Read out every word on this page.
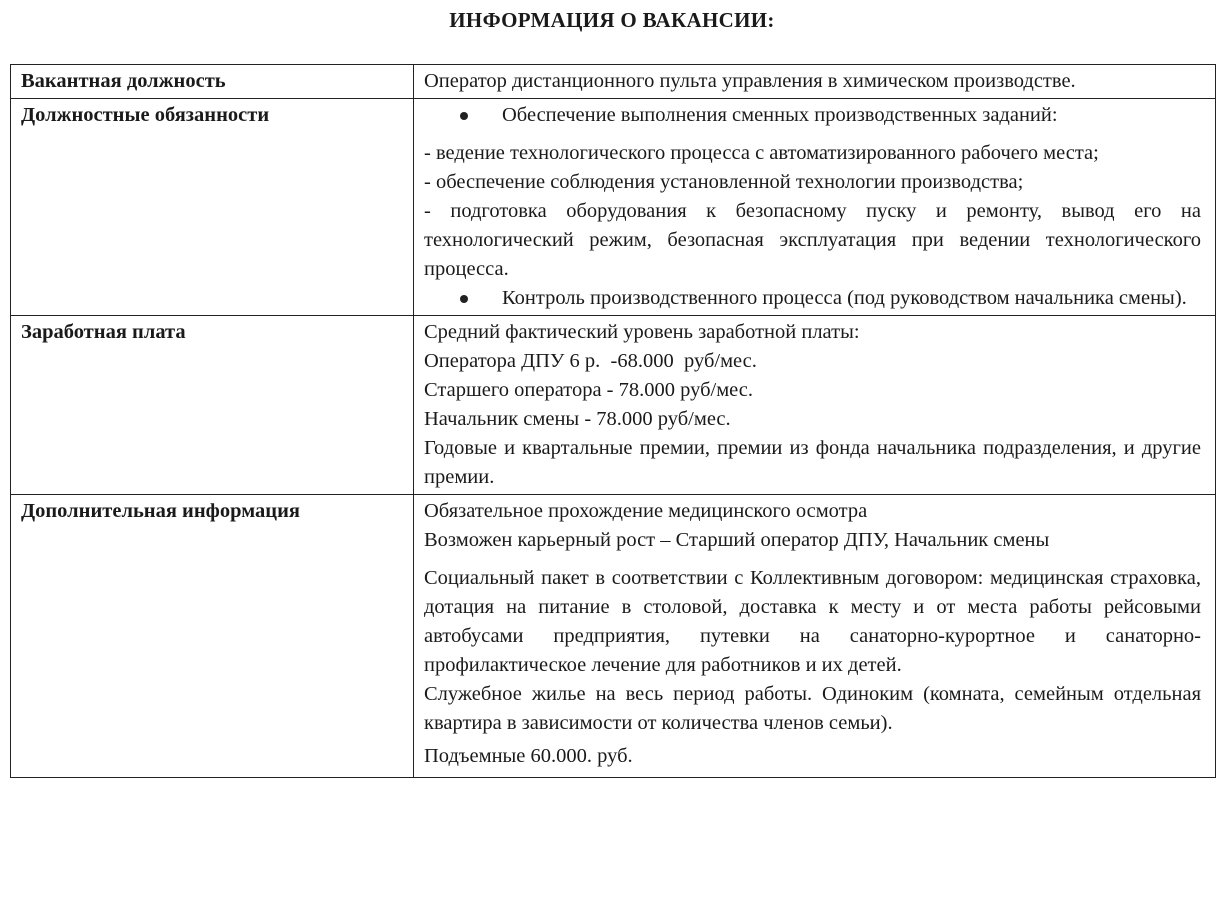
ИНФОРМАЦИЯ О ВАКАНСИИ:
Вакантная должность	Оператор дистанционного пульта управления в химическом производстве.

Должностные обязанности	Обеспечение выполнения сменных производственных заданий:
- ведение технологического процесса с автоматизированного рабочего места;
- обеспечение соблюдения установленной технологии производства;
- подготовка оборудования к безопасному пуску и ремонту, вывод его на технологический режим, безопасная эксплуатация при ведении технологического процесса.
Контроль производственного процесса (под руководством начальника смены).

Заработная плата	Средний фактический уровень заработной платы:
Оператора ДПУ 6 р.  -68.000  руб/мес.
Старшего оператора - 78.000 руб/мес.
Начальник смены - 78.000 руб/мес.
Годовые и квартальные премии, премии из фонда начальника подразделения, и другие премии.

Дополнительная информация	Обязательное прохождение медицинского осмотра
Возможен карьерный рост – Старший оператор ДПУ, Начальник смены
Социальный пакет в соответствии с Коллективным договором: медицинская страховка, дотация на питание в столовой, доставка к месту и от места работы рейсовыми автобусами предприятия, путевки на санаторно-курортное и санаторно-профилактическое лечение для работников и их детей.
Служебное жилье на весь период работы. Одиноким (комната, семейным отдельная квартира в зависимости от количества членов семьи).
Подъемные 60.000. руб.
